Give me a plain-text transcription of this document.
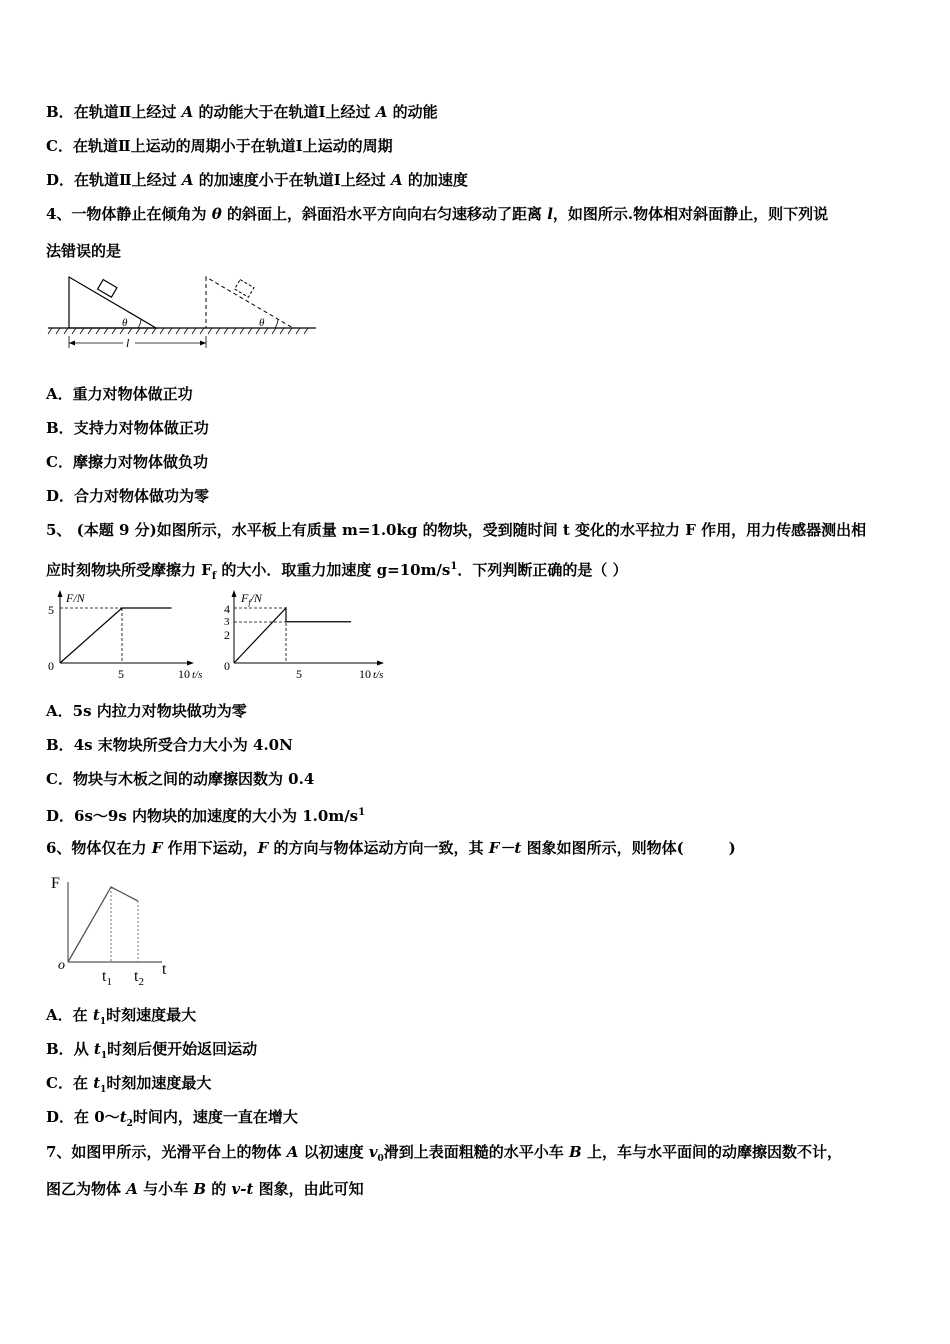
B．在轨道Ⅱ上经过 A 的动能大于在轨道Ⅰ上经过 A 的动能
C．在轨道Ⅱ上运动的周期小于在轨道Ⅰ上运动的周期
D．在轨道Ⅱ上经过 A 的加速度小于在轨道Ⅰ上经过 A 的加速度
4、一物体静止在倾角为 θ 的斜面上，斜面沿水平方向向右匀速移动了距离 l，如图所示.物体相对斜面静止，则下列说
法错误的是
θ	θ
l
A．重力对物体做正功
B．支持力对物体做正功
C．摩擦力对物体做负功
D．合力对物体做功为零
5、 (本题 9 分)如图所示，水平板上有质量 m=1.0kg 的物块，受到随时间 t 变化的水平拉力 F 作用，用力传感器测出相
应时刻物块所受摩擦力 $F_f$ 的大小．取重力加速度 $g=10m/s^1$．下列判断正确的是（ ）
F/N
5
0
5	10 t/s
$F_f/N$
4
3
2
0
5	10 t/s
A．5s 内拉力对物块做功为零
B．4s 末物块所受合力大小为 4.0N
C．物块与木板之间的动摩擦因数为 0.4
D．6s～9s 内物块的加速度的大小为 $1.0m/s^1$
6、物体仅在力 F 作用下运动，F 的方向与物体运动方向一致，其 F－t 图象如图所示，则物体(　　　)
F
o
$t_1$ $t_2$
t
A．在 $t_1$时刻速度最大
B．从 $t_1$时刻后便开始返回运动
C．在 $t_1$时刻加速度最大
D．在 $0\sim t_2$时间内，速度一直在增大
7、如图甲所示，光滑平台上的物体 A 以初速度 $v_0$滑到上表面粗糙的水平小车 B 上，车与水平面间的动摩擦因数不计，
图乙为物体 A 与小车 B 的 v-t 图象，由此可知
